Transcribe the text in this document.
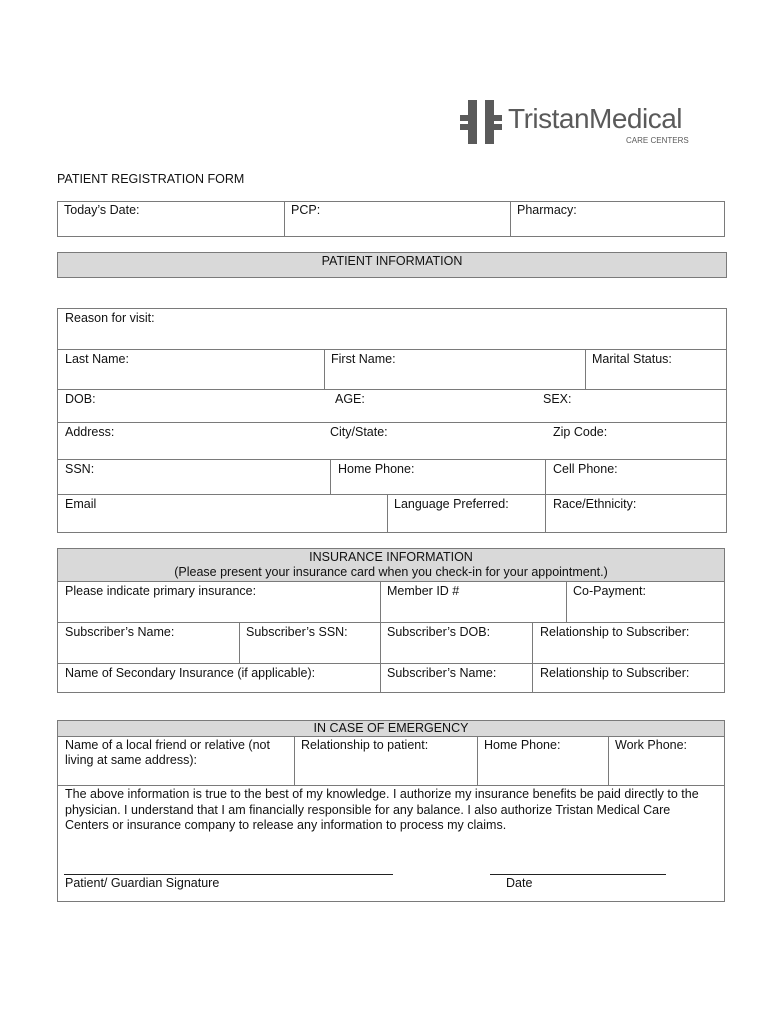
TristanMedical
CARE CENTERS
PATIENT REGISTRATION FORM
Today’s Date:	PCP:	Pharmacy:
PATIENT INFORMATION
Reason for visit:
Last Name:	First Name:	Marital Status:
DOB:	AGE:	SEX:
Address:	City/State:	Zip Code:
SSN:	Home Phone:	Cell Phone:
Email	Language Preferred:	Race/Ethnicity:
INSURANCE INFORMATION
(Please present your insurance card when you check-in for your appointment.)
Please indicate primary insurance:	Member ID #	Co-Payment:
Subscriber’s Name:	Subscriber’s SSN:	Subscriber’s DOB:	Relationship to Subscriber:
Name of Secondary Insurance (if applicable):	Subscriber’s Name:	Relationship to Subscriber:
IN CASE OF EMERGENCY
Name of a local friend or relative (not
living at same address):
Relationship to patient:	Home Phone:	Work Phone:
The above information is true to the best of my knowledge. I authorize my insurance benefits be paid directly to the physician. I understand that I am financially responsible for any balance. I also authorize Tristan Medical Care Centers or insurance company to release any information to process my claims.
Patient/ Guardian Signature	Date
